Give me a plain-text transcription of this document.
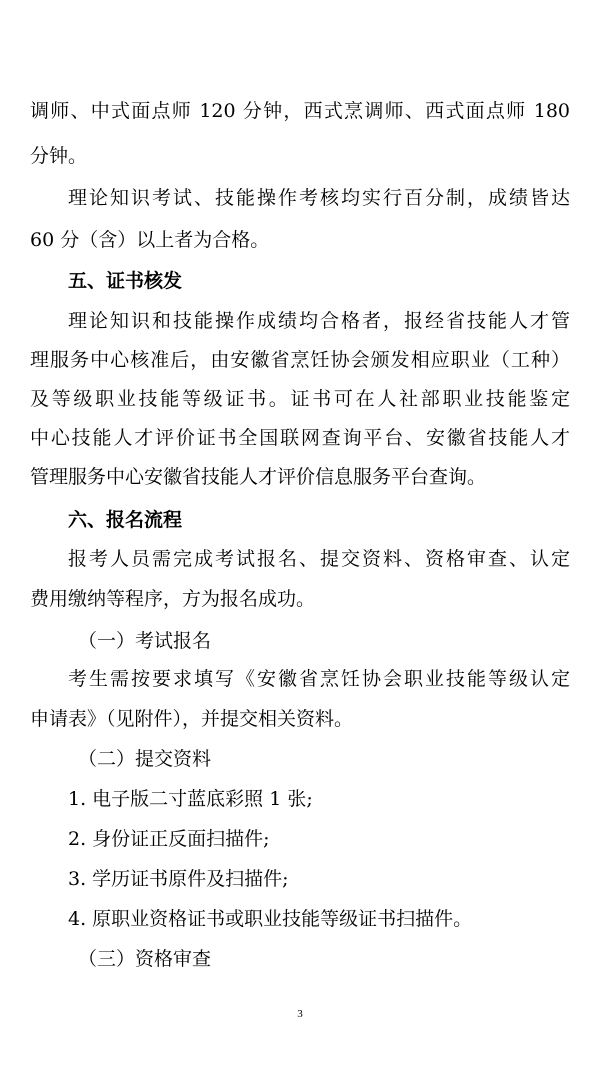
调师、中式面点师 120 分钟，西式烹调师、西式面点师 180
分钟。
理论知识考试、技能操作考核均实行百分制，成绩皆达
60 分（含）以上者为合格。
五、证书核发
理论知识和技能操作成绩均合格者，报经省技能人才管
理服务中心核准后，由安徽省烹饪协会颁发相应职业（工种）
及等级职业技能等级证书。证书可在人社部职业技能鉴定
中心技能人才评价证书全国联网查询平台、安徽省技能人才
管理服务中心安徽省技能人才评价信息服务平台查询。
六、报名流程
报考人员需完成考试报名、提交资料、资格审查、认定
费用缴纳等程序，方为报名成功。
（一）考试报名
考生需按要求填写《安徽省烹饪协会职业技能等级认定
申请表》（见附件），并提交相关资料。
（二）提交资料
1. 电子版二寸蓝底彩照 1 张;
2. 身份证正反面扫描件;
3. 学历证书原件及扫描件;
4. 原职业资格证书或职业技能等级证书扫描件。
（三）资格审查
3
